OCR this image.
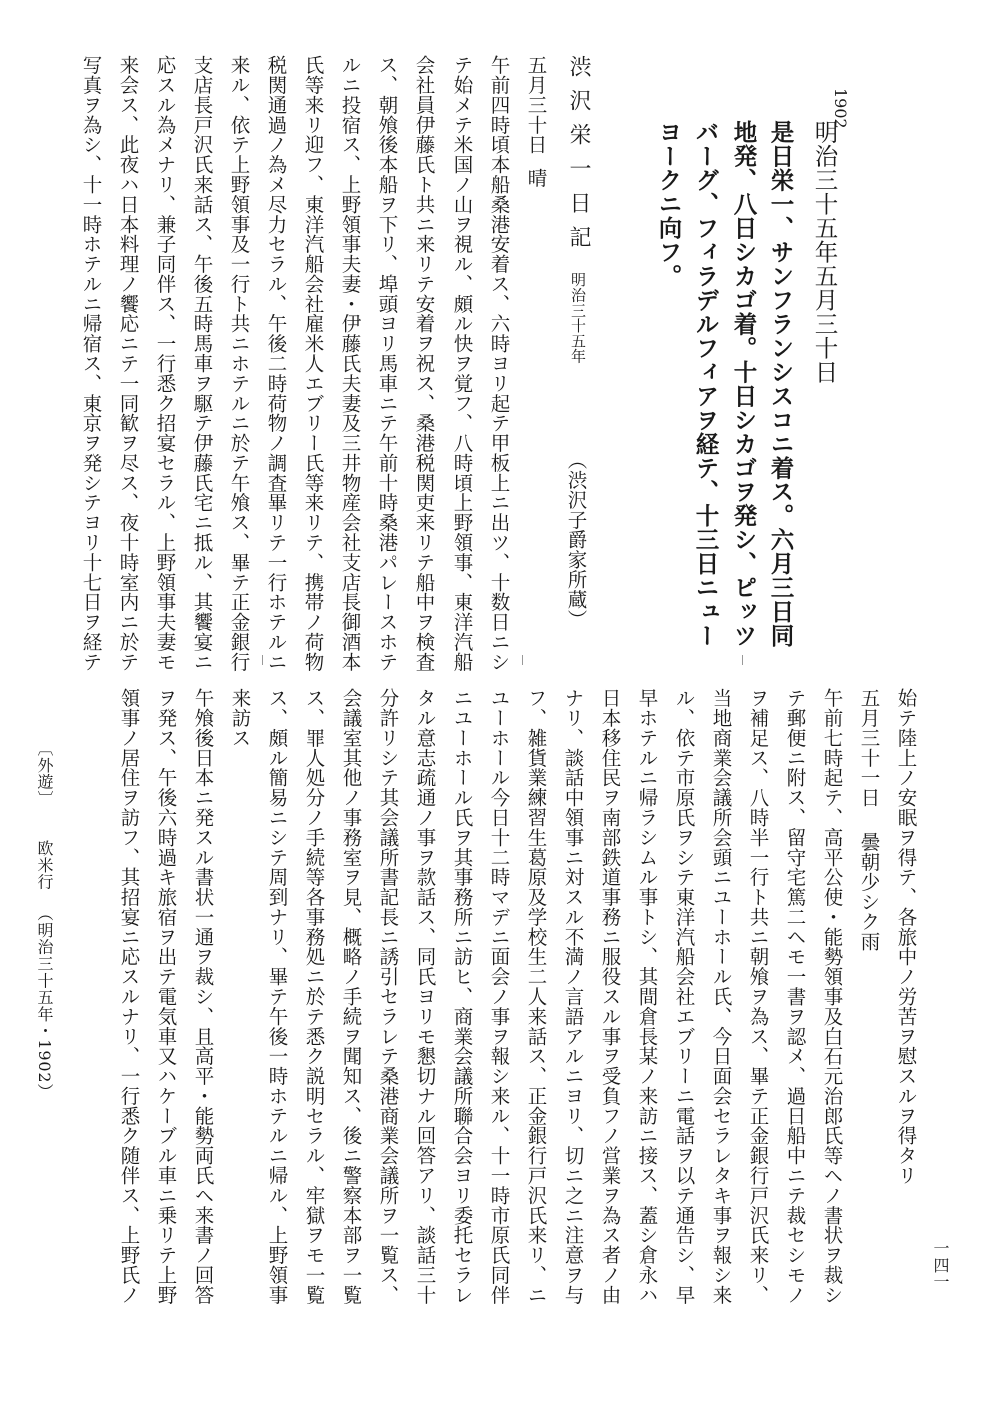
1902
明治三十五年五月三十日
是日栄一、サンフランシスコニ着ス。六月三日同
地発、八日シカゴ着。十日シカゴヲ発シ、ピッツ
バーグ、フィラデルフィアヲ経テ、十三日ニュー
ヨークニ向フ。
渋沢栄一日記
明治三十五年
（渋沢子爵家所蔵）
五月三十日
晴
午前四時頃本船桑港安着ス、六時ヨリ起テ甲板上ニ出ツ、十数日ニシ
テ始メテ米国ノ山ヲ視ル、頗ル快ヲ覚フ、八時頃上野領事、東洋汽船
会社員伊藤氏ト共ニ来リテ安着ヲ祝ス、桑港税関吏来リテ船中ヲ検査
ス、朝飧後本船ヲ下リ、埠頭ヨリ馬車ニテ午前十時桑港パレースホテ
ルニ投宿ス、上野領事夫妻・伊藤氏夫妻及三井物産会社支店長御酒本
氏等来リ迎フ、東洋汽船会社雇米人エブリー氏等来リテ、携帯ノ荷物
税関通過ノ為メ尽力セラル、午後二時荷物ノ調査畢リテ一行ホテルニ
来ル、依テ上野領事及一行ト共ニホテルニ於テ午飧ス、畢テ正金銀行
支店長戸沢氏来話ス、午後五時馬車ヲ駆テ伊藤氏宅ニ抵ル、其饗宴ニ
応スル為メナリ、兼子同伴ス、一行悉ク招宴セラル、上野領事夫妻モ
来会ス、此夜ハ日本料理ノ饗応ニテ一同歓ヲ尽ス、夜十時室内ニ於テ
写真ヲ為シ、十一時ホテルニ帰宿ス、東京ヲ発シテヨリ十七日ヲ経テ
始テ陸上ノ安眠ヲ得テ、各旅中ノ労苦ヲ慰スルヲ得タリ
五月三十一日
曇朝少シク雨
午前七時起テ、高平公使・能勢領事及白石元治郎氏等ヘノ書状ヲ裁シ
テ郵便ニ附ス、留守宅篤二ヘモ一書ヲ認メ、過日船中ニテ裁セシモノ
ヲ補足ス、八時半一行ト共ニ朝飧ヲ為ス、畢テ正金銀行戸沢氏来リ、
当地商業会議所会頭ニユーホール氏、今日面会セラレタキ事ヲ報シ来
ル、依テ市原氏ヲシテ東洋汽船会社エブリーニ電話ヲ以テ通告シ、早
早ホテルニ帰ラシムル事トシ、其間倉長某ノ来訪ニ接ス、蓋シ倉永ハ
日本移住民ヲ南部鉄道事務ニ服役スル事ヲ受負フノ営業ヲ為ス者ノ由
ナリ、談話中領事ニ対スル不満ノ言語アルニヨリ、切ニ之ニ注意ヲ与
フ、雑貨業練習生葛原及学校生二人来話ス、正金銀行戸沢氏来リ、ニ
ユーホール今日十二時マデニ面会ノ事ヲ報シ来ル、十一時市原氏同伴
ニユーホール氏ヲ其事務所ニ訪ヒ、商業会議所聯合会ヨリ委托セラレ
タル意志疏通ノ事ヲ款話ス、同氏ヨリモ懇切ナル回答アリ、談話三十
分許リシテ其会議所書記長ニ誘引セラレテ桑港商業会議所ヲ一覧ス、
会議室其他ノ事務室ヲ見、概略ノ手続ヲ聞知ス、後ニ警察本部ヲ一覧
ス、罪人処分ノ手続等各事務処ニ於テ悉ク説明セラル、牢獄ヲモ一覧
ス、頗ル簡易ニシテ周到ナリ、畢テ午後一時ホテルニ帰ル、上野領事
来訪ス
午飧後日本ニ発スル書状一通ヲ裁シ、且高平・能勢両氏ヘ来書ノ回答
ヲ発ス、午後六時過キ旅宿ヲ出テ電気車又ハケーブル車ニ乗リテ上野
領事ノ居住ヲ訪フ、其招宴ニ応スルナリ、一行悉ク随伴ス、上野氏ノ
〔外遊〕
欧米行
（明治三十五年・1902）
一四一
